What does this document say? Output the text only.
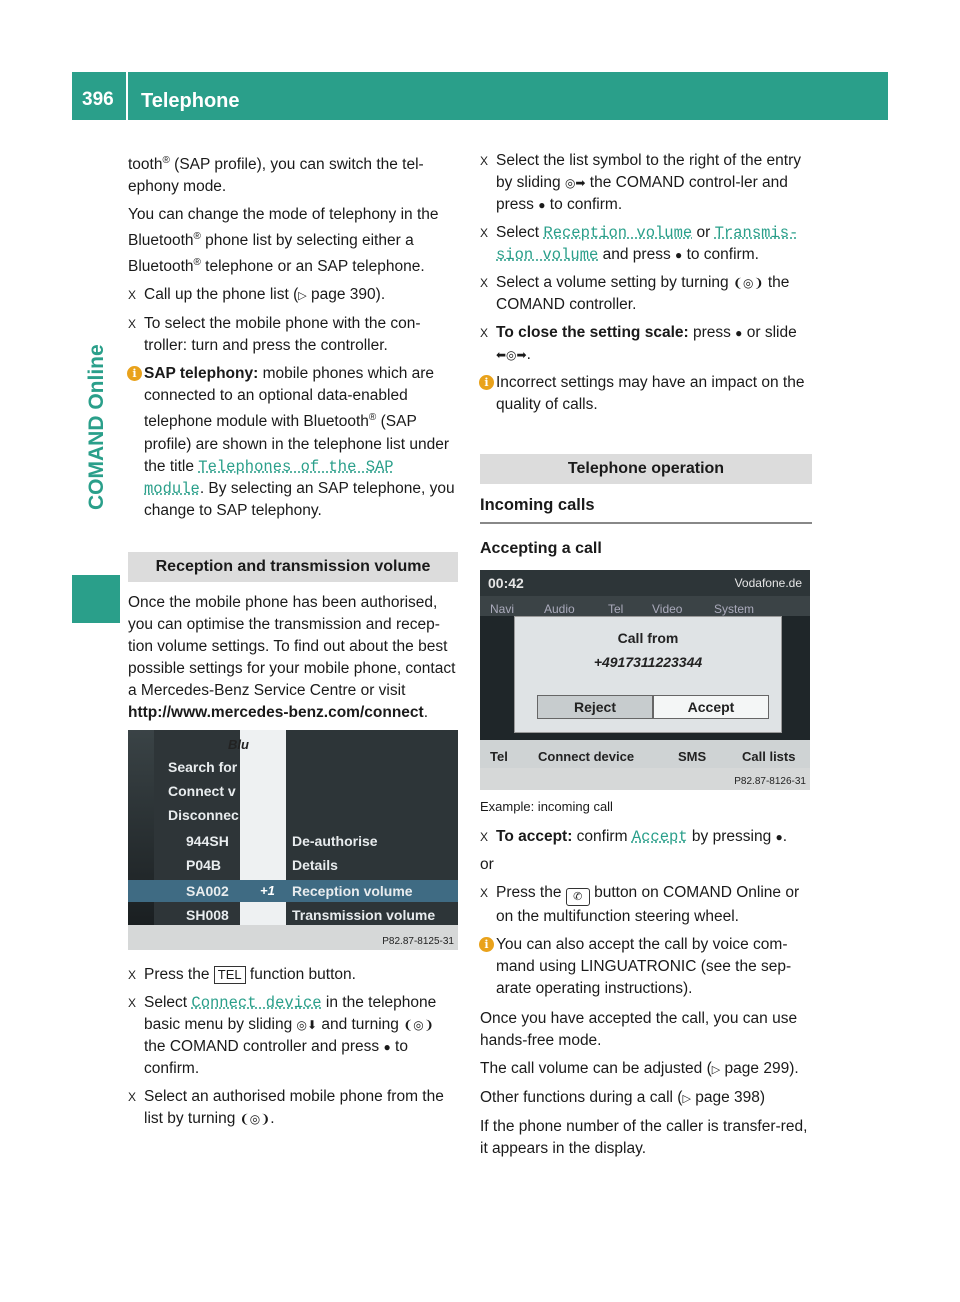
396 Telephone
COMAND Online

tooth® (SAP profile), you can switch the tel-ephony mode.

You can change the mode of telephony in the Bluetooth® phone list by selecting either a Bluetooth® telephone or an SAP telephone.

X Call up the phone list (▷ page 390).
X To select the mobile phone with the con-troller: turn and press the controller.
i SAP telephony: mobile phones which are connected to an optional data-enabled telephone module with Bluetooth® (SAP profile) are shown in the telephone list under the title Telephones of the SAP module. By selecting an SAP telephone, you change to SAP telephony.
Reception and transmission volume

Once the mobile phone has been authorised, you can optimise the transmission and recep-tion volume settings. To find out about the best possible settings for your mobile phone, contact a Mercedes-Benz Service Centre or visit http://www.mercedes-benz.com/connect.

Blu
Search for
Connect v
Disconnec
944SH
P04B
SA002
SH008
De-authorise
Details
Reception volume
Transmission volume
+1
P82.87-8125-31
X Press the TEL function button.
X Select Connect device in the telephone basic menu by sliding ◎⬇ and turning ❨◎❩ the COMAND controller and press ● to confirm.
X Select an authorised mobile phone from the list by turning ❨◎❩.
X Select the list symbol to the right of the entry by sliding ◎➡ the COMAND control-ler and press ● to confirm.
X Select Reception volume or Transmis-sion volume and press ● to confirm.
X Select a volume setting by turning ❨◎❩ the COMAND controller.
X To close the setting scale: press ● or slide ⬅◎➡.
i Incorrect settings may have an impact on the quality of calls.
Telephone operation
Incoming calls
Accepting a call
00:42	Vodafone.de
Navi Audio	Tel Video	System
Call from
+4917311223344
Reject	Accept
Tel Connect device	SMS	Call lists
P82.87-8126-31
Example: incoming call
X To accept: confirm Accept by pressing ●.

or

X Press the ✆ button on COMAND Online or on the multifunction steering wheel.
i You can also accept the call by voice com-mand using LINGUATRONIC (see the sep-arate operating instructions).

Once you have accepted the call, you can use hands-free mode.

The call volume can be adjusted (▷ page 299).

Other functions during a call (▷ page 398)

If the phone number of the caller is transfer-red, it appears in the display.
